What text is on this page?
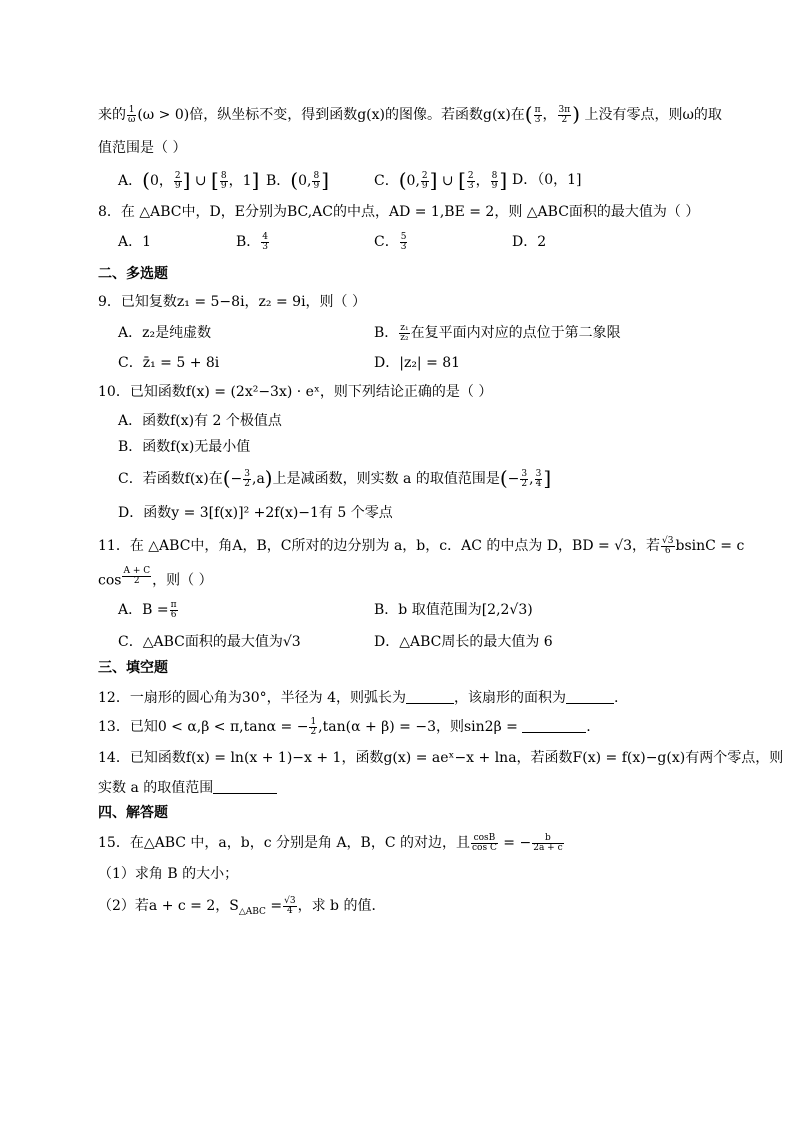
来的 $\frac{1}{\omega} (\omega > 0)$倍，纵坐标不变，得到函数g(x)的图像。若函数g(x)在( $\frac{\pi}{3}$ ， $\frac{3\pi}{2}$ ) 上没有零点，则ω的取
值范围是（ ）
A．(0， $\frac{2}{9}$ ] ∪ [ $\frac{8}{9}$ ，1] B．(0, $\frac{8}{9}$ ]	C．(0, $\frac{2}{9}$ ] ∪ [ $\frac{2}{3}$ ， $\frac{8}{9}$ ] D．（0，1]
8．在 △ABC中，D，E分别为BC,AC的中点，AD = 1,BE = 2，则 △ABC面积的最大值为（ ）
A．1	B． $\frac{4}{3}$	C． $\frac{5}{3}$	D．2
二、多选题
9．已知复数z₁ = 5−8i，z₂ = 9i，则（ ）
A．z₂是纯虚数	B． $\frac{\text{z₁}}{\text{z₂}}$ 在复平面内对应的点位于第二象限
C．z̄₁ = 5 + 8i	D．|z₂| = 81
10．已知函数f(x) = (2x²−3x) · eˣ，则下列结论正确的是（ ）
A．函数f(x)有 2 个极值点
B．函数f(x)无最小值
C．若函数f(x)在(− $\frac{3}{2} ,a$)上是减函数，则实数 a 的取值范围是(− $\frac{3}{2}$ , $\frac{3}{4}$ ]
D．函数y = 3[f(x)]² +2f(x)−1有 5 个零点
11．在 △ABC中，角A，B，C所对的边分别为 a，b，c．AC 的中点为 D，BD = √3，若 $\frac{√3}{6}$ bsinC = c
cos $^{\frac{A + C}{2}}$ ，则（ ）
A．$B = \frac{\pi}{6}$	B．b 取值范围为[2,2√3)
C．△ABC面积的最大值为√3	D．△ABC周长的最大值为 6
三、填空题
12．一扇形的圆心角为30°，半径为 4，则弧长为	，该扇形的面积为	.
13．已知0 < α,β < π,tanα = − $\frac{1}{2} ,\tan(\alpha + \beta) = -3$，则sin2β =	.
14．已知函数f(x) = ln(x + 1)−x + 1，函数g(x) = aeˣ−x + lna，若函数F(x) = f(x)−g(x)有两个零点，则
实数 a 的取值范围
四、解答题
15．在△ABC 中，a，b，c 分别是角 A，B，C 的对边，且 $\frac{\cos B}{\text{cos C}}$ = − $\frac{b}{2a + c}$
（1）求角 B 的大小；
（2）若a + c = 2，$S_{\triangle ABC} = \frac{√3}{4}$ ，求 b 的值．
